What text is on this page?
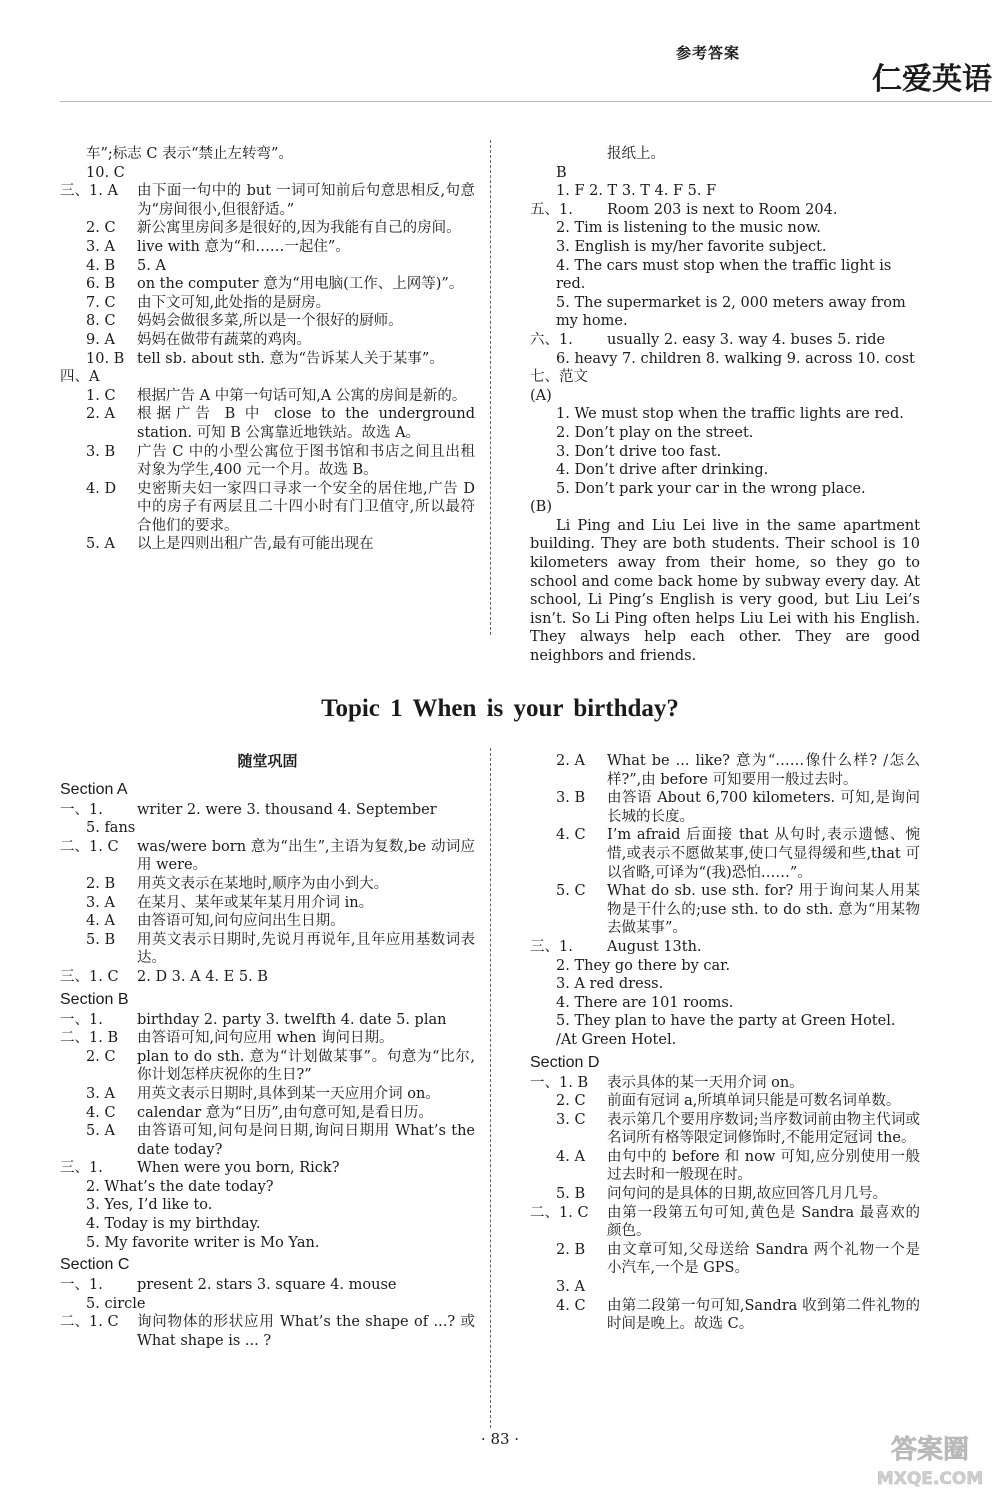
参考答案
仁爱英语
车”;标志 C 表示“禁止左转弯”。
10. C
三、1. A	由下面一句中的 but 一词可知前后句意思相反,句意为“房间很小,但很舒适。”
2. C	新公寓里房间多是很好的,因为我能有自己的房间。
3. A	live with 意为“和……一起住”。
4. B	5. A
6. B	on the computer 意为“用电脑(工作、上网等)”。
7. C	由下文可知,此处指的是厨房。
8. C	妈妈会做很多菜,所以是一个很好的厨师。
9. A	妈妈在做带有蔬菜的鸡肉。
10. B tell sb. about sth. 意为“告诉某人关于某事”。
四、A
1. C	根据广告 A 中第一句话可知,A 公寓的房间是新的。
2. A	根据广告 B 中 close to the underground station. 可知 B 公寓靠近地铁站。故选 A。
3. B	广告 C 中的小型公寓位于图书馆和书店之间且出租对象为学生,400 元一个月。故选 B。
4. D	史密斯夫妇一家四口寻求一个安全的居住地,广告 D 中的房子有两层且二十四小时有门卫值守,所以最符合他们的要求。
5. A	以上是四则出租广告,最有可能出现在
报纸上。
B
1. F 2. T 3. T 4. F 5. F
五、1.	Room 203 is next to Room 204.
2. Tim is listening to the music now.
3. English is my/her favorite subject.
4. The cars must stop when the traffic light is red.
5. The supermarket is 2, 000 meters away from my home.
六、1.	usually 2. easy 3. way 4. buses 5. ride
6. heavy 7. children 8. walking 9. across 10. cost
七、范文
(A)
1. We must stop when the traffic lights are red.
2. Don’t play on the street.
3. Don’t drive too fast.
4. Don’t drive after drinking.
5. Don’t park your car in the wrong place.
(B)
Li Ping and Liu Lei live in the same apartment building. They are both students. Their school is 10 kilometers away from their home, so they go to school and come back home by subway every day. At school, Li Ping’s English is very good, but Liu Lei’s isn’t. So Li Ping often helps Liu Lei with his English. They always help each other. They are good neighbors and friends.
Topic 1 When is your birthday?
随堂巩固
Section A
一、1.	writer 2. were 3. thousand 4. September
5. fans
二、1. C	was/were born 意为“出生”,主语为复数,be 动词应用 were。
2. B	用英文表示在某地时,顺序为由小到大。
3. A	在某月、某年或某年某月用介词 in。
4. A	由答语可知,问句应问出生日期。
5. B	用英文表示日期时,先说月再说年,且年应用基数词表达。
三、1. C	2. D 3. A 4. E 5. B
Section B
一、1.	birthday 2. party 3. twelfth 4. date 5. plan
二、1. B	由答语可知,问句应用 when 询问日期。
2. C	plan to do sth. 意为“计划做某事”。句意为“比尔,你计划怎样庆祝你的生日?”
3. A	用英文表示日期时,具体到某一天应用介词 on。
4. C	calendar 意为“日历”,由句意可知,是看日历。
5. A	由答语可知,问句是问日期,询问日期用 What’s the date today?
三、1.	When were you born, Rick?
2. What’s the date today?
3. Yes, I’d like to.
4. Today is my birthday.
5. My favorite writer is Mo Yan.
Section C
一、1.	present 2. stars 3. square 4. mouse
5. circle
二、1. C	询问物体的形状应用 What’s the shape of ...? 或 What shape is ... ?
2. A	What be ... like? 意为“……像什么样? /怎么样?”,由 before 可知要用一般过去时。
3. B	由答语 About 6,700 kilometers. 可知,是询问长城的长度。
4. C	I’m afraid 后面接 that 从句时,表示遗憾、惋惜,或表示不愿做某事,使口气显得缓和些,that 可以省略,可译为“(我)恐怕……”。
5. C	What do sb. use sth. for? 用于询问某人用某物是干什么的;use sth. to do sth. 意为“用某物去做某事”。
三、1.	August 13th.
2. They go there by car.
3. A red dress.
4. There are 101 rooms.
5. They plan to have the party at Green Hotel. /At Green Hotel.
Section D
一、1. B	表示具体的某一天用介词 on。
2. C	前面有冠词 a,所填单词只能是可数名词单数。
3. C	表示第几个要用序数词;当序数词前由物主代词或名词所有格等限定词修饰时,不能用定冠词 the。
4. A	由句中的 before 和 now 可知,应分别使用一般过去时和一般现在时。
5. B	问句问的是具体的日期,故应回答几月几号。
二、1. C	由第一段第五句可知,黄色是 Sandra 最喜欢的颜色。
2. B	由文章可知,父母送给 Sandra 两个礼物一个是小汽车,一个是 GPS。
3. A
4. C	由第二段第一句可知,Sandra 收到第二件礼物的时间是晚上。故选 C。
· 83 ·	答案圈
MXQE.COM
